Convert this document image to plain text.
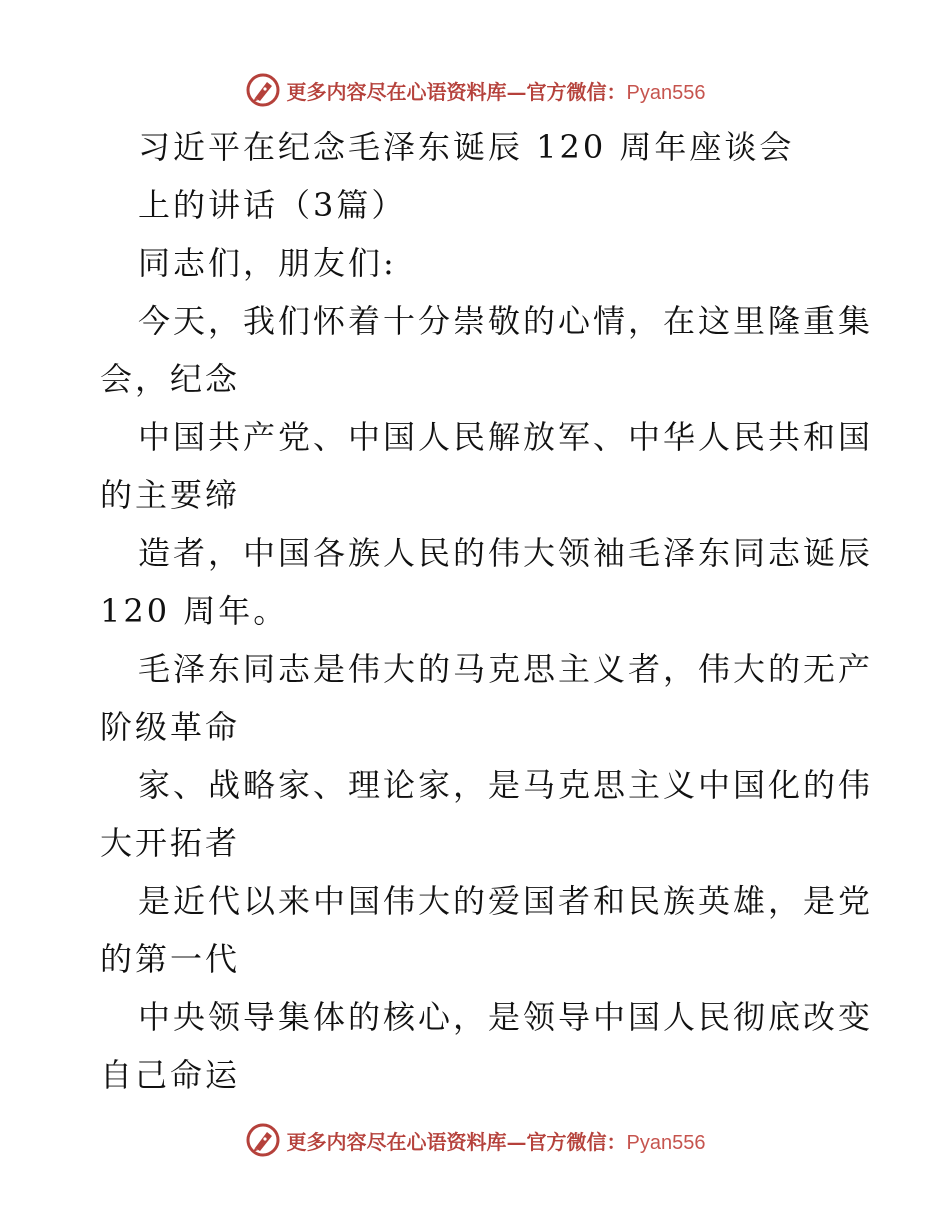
更多内容尽在心语资料库—官方微信：Pyan556
习近平在纪念毛泽东诞辰 120 周年座谈会
上的讲话（3篇）
同志们，朋友们:
今天，我们怀着十分崇敬的心情，在这里隆重集
会，纪念
中国共产党、中国人民解放军、中华人民共和国
的主要缔
造者，中国各族人民的伟大领袖毛泽东同志诞辰
120 周年。
毛泽东同志是伟大的马克思主义者，伟大的无产
阶级革命
家、战略家、理论家，是马克思主义中国化的伟
大开拓者
是近代以来中国伟大的爱国者和民族英雄，是党
的第一代
中央领导集体的核心，是领导中国人民彻底改变
自己命运
更多内容尽在心语资料库—官方微信：Pyan556
